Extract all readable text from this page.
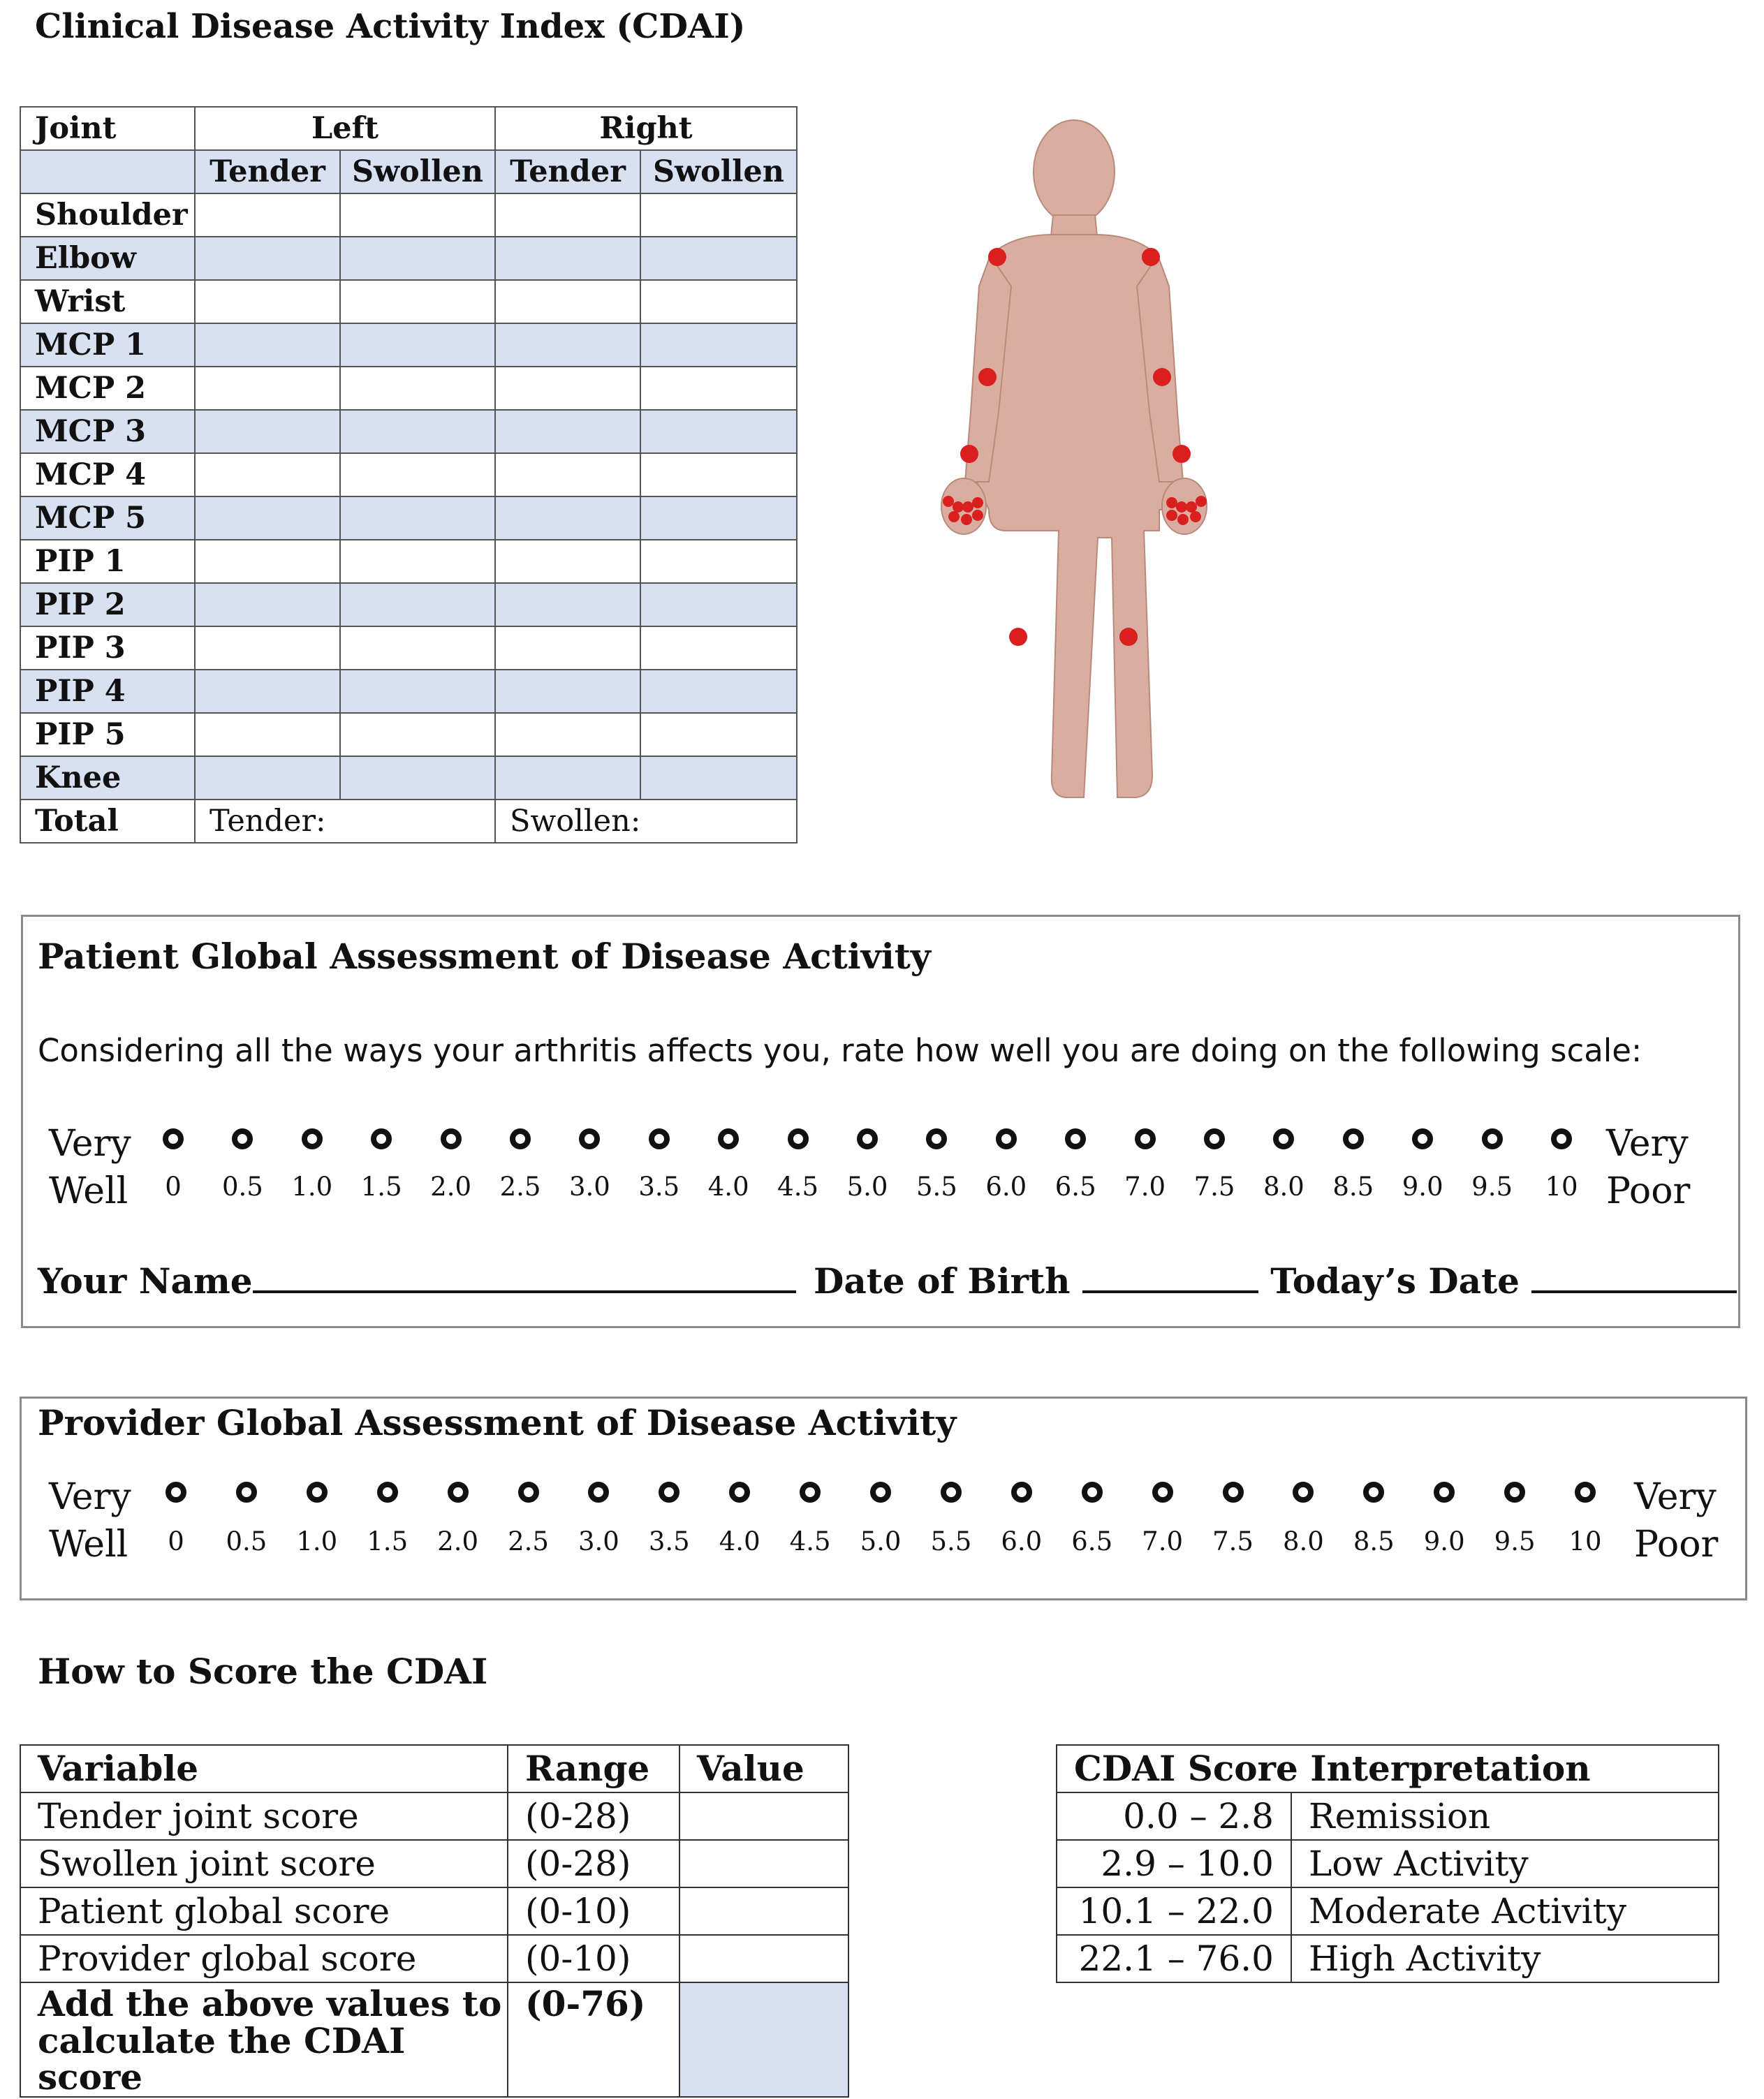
Clinical Disease Activity Index (CDAI)
Joint	Left		Right	
	Tender	Swollen	Tender	Swollen
Shoulder				
Elbow				
Wrist				
MCP 1				
MCP 2				
MCP 3				
MCP 4				
MCP 5				
PIP 1				
PIP 2				
PIP 3				
PIP 4				
PIP 5				
Knee				
Total	Tender:		Swollen:	
Patient Global Assessment of Disease Activity
Considering all the ways your arthritis affects you, rate how well you are doing on the following scale:
Very
Well
Very
Poor
0	0.5	1.0	1.5	2.0	2.5	3.0	3.5	4.0	4.5	5.0	5.5	6.0	6.5	7.0	7.5	8.0	8.5	9.0	9.5	10
Your Name	Date of Birth	Today’s Date
Provider Global Assessment of Disease Activity
Very
Well
Very
Poor
0	0.5	1.0	1.5	2.0	2.5	3.0	3.5	4.0	4.5	5.0	5.5	6.0	6.5	7.0	7.5	8.0	8.5	9.0	9.5	10
How to Score the CDAI
Variable	Range	Value
Tender joint score	(0-28)	
Swollen joint score	(0-28)	
Patient global score	(0-10)	
Provider global score	(0-10)	

Add the above values to
calculate the CDAI score	(0-76)	
CDAI Score Interpretation	
0.0 – 2.8	Remission
2.9 – 10.0	Low Activity
10.1 – 22.0	Moderate Activity
22.1 – 76.0	High Activity
